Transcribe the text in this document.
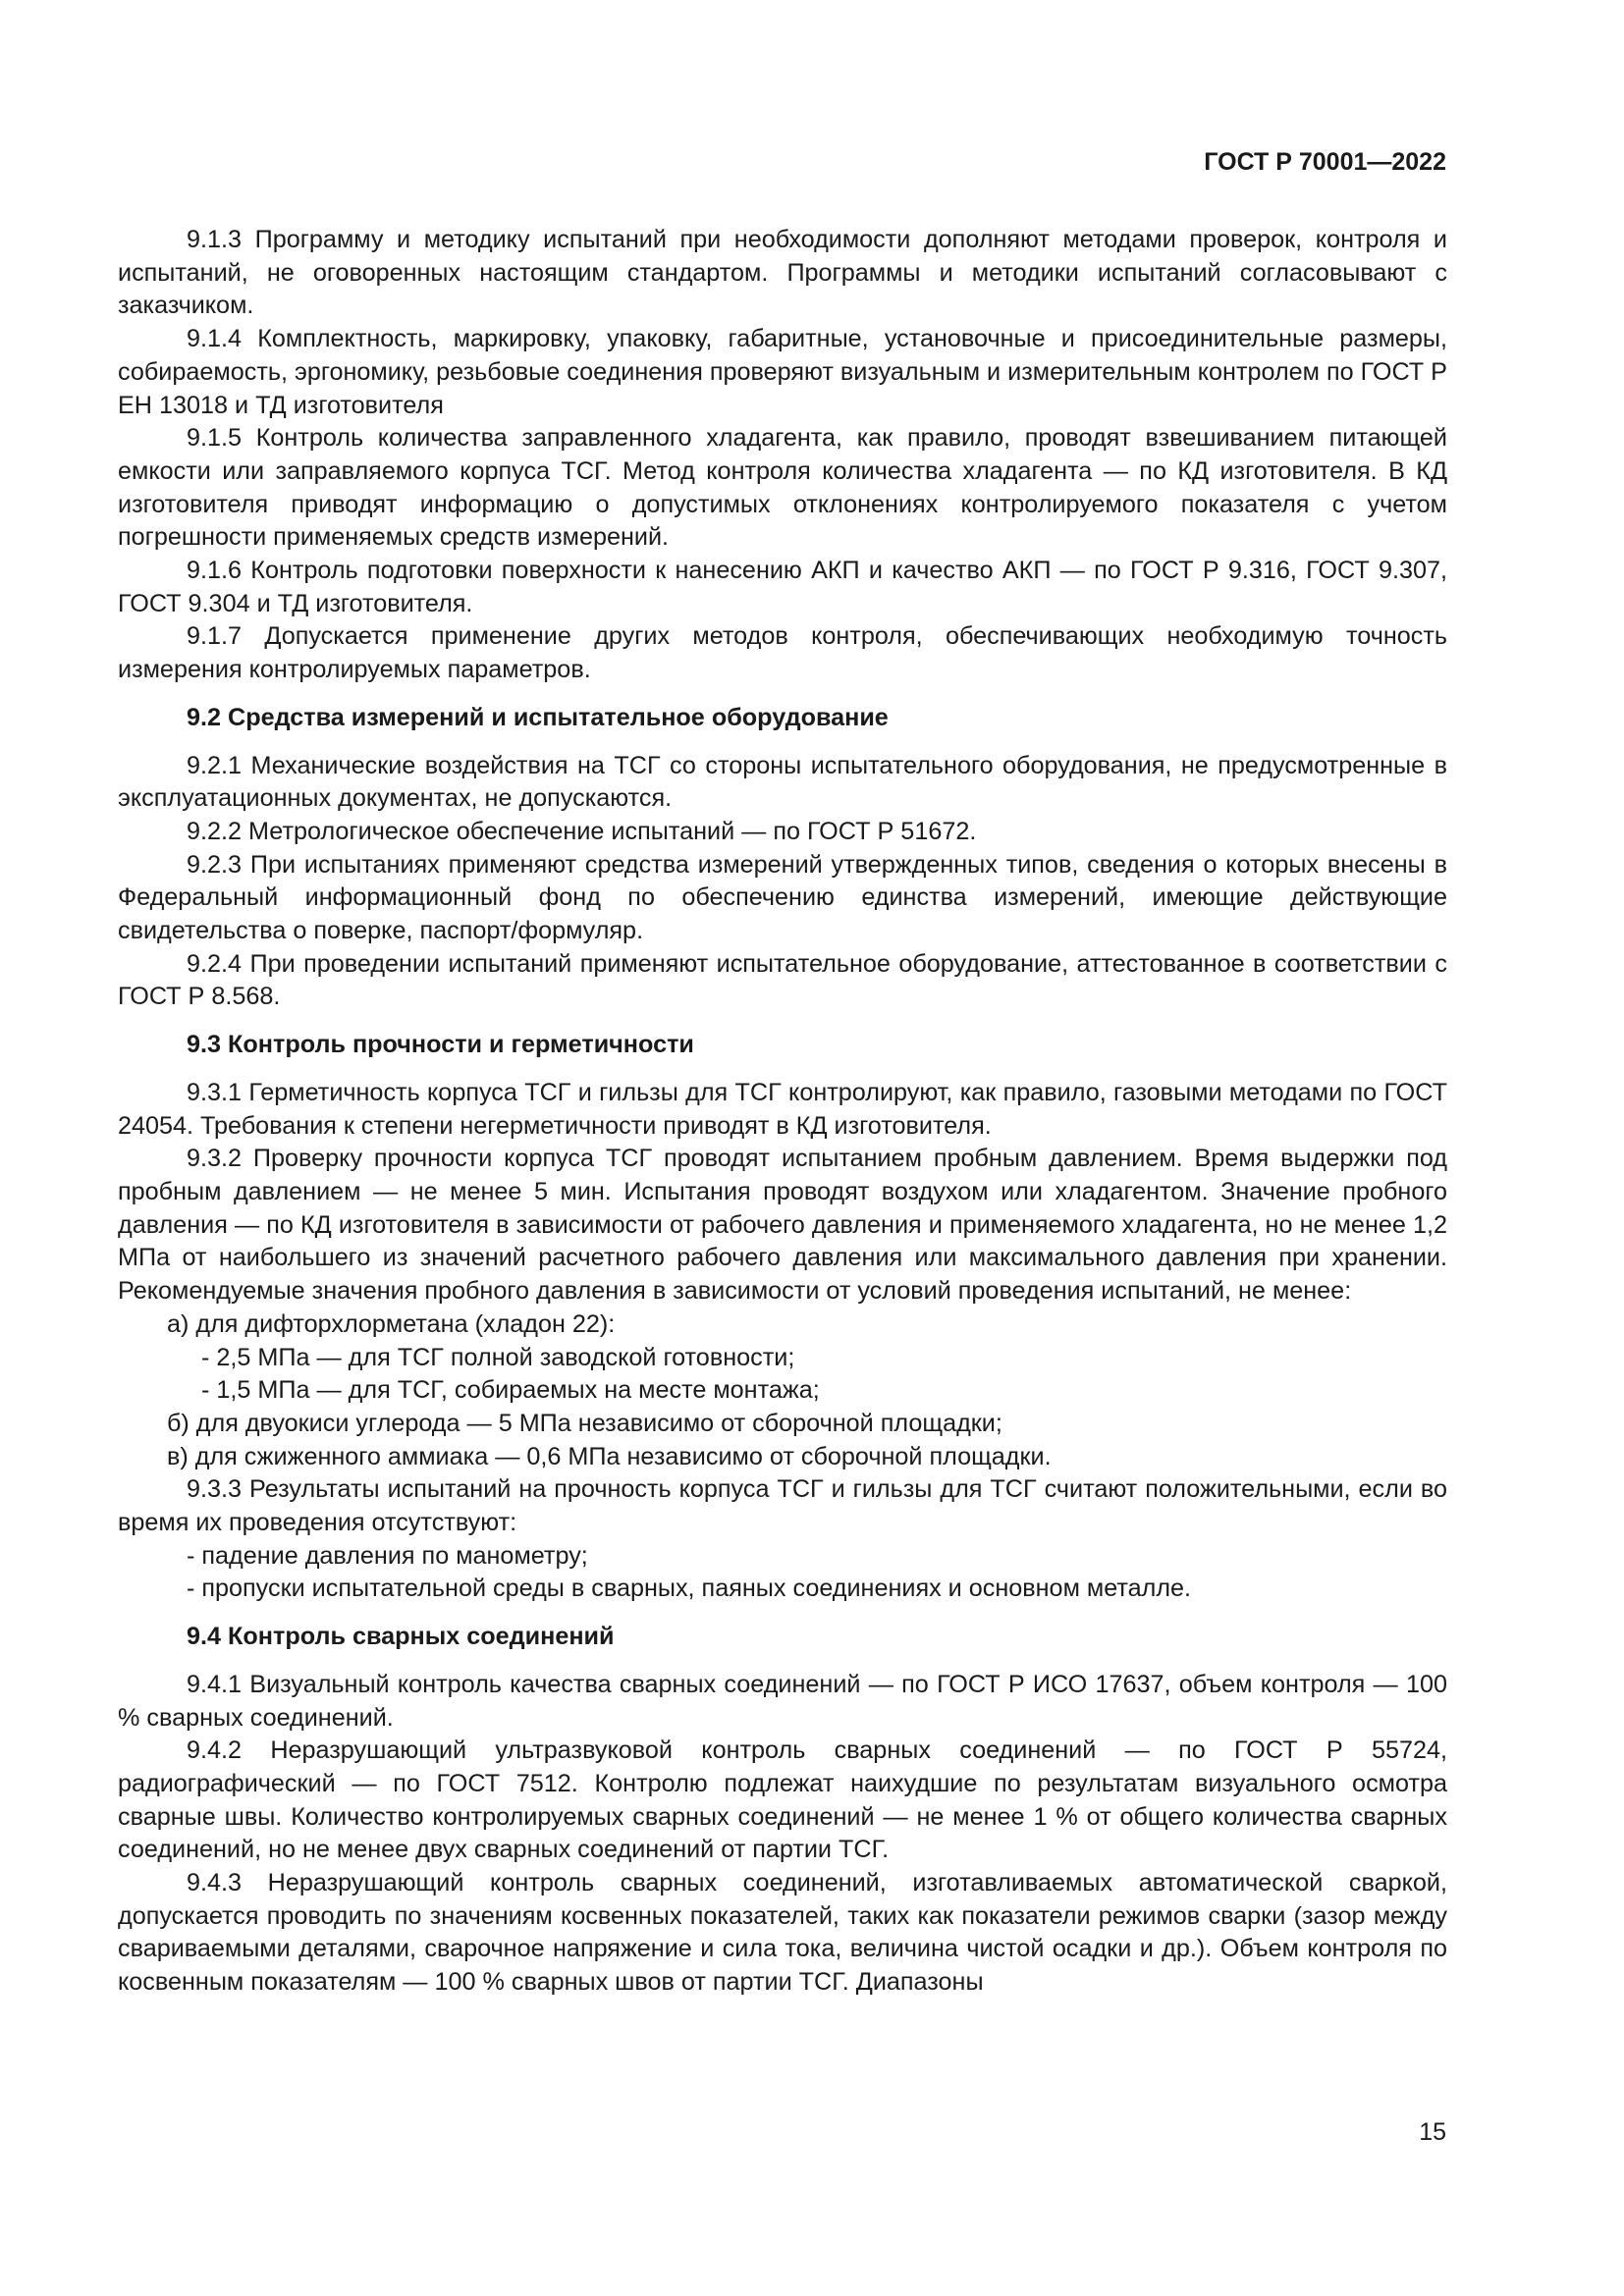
ГОСТ Р 70001—2022

9.1.3 Программу и методику испытаний при необходимости дополняют методами проверок, контроля и испытаний, не оговоренных настоящим стандартом. Программы и методики испытаний согласовывают с заказчиком.

9.1.4 Комплектность, маркировку, упаковку, габаритные, установочные и присоединительные размеры, собираемость, эргономику, резьбовые соединения проверяют визуальным и измерительным контролем по ГОСТ Р ЕН 13018 и ТД изготовителя

9.1.5 Контроль количества заправленного хладагента, как правило, проводят взвешиванием питающей емкости или заправляемого корпуса ТСГ. Метод контроля количества хладагента — по КД изготовителя. В КД изготовителя приводят информацию о допустимых отклонениях контролируемого показателя с учетом погрешности применяемых средств измерений.

9.1.6 Контроль подготовки поверхности к нанесению АКП и качество АКП — по ГОСТ Р 9.316, ГОСТ 9.307, ГОСТ 9.304 и ТД изготовителя.

9.1.7 Допускается применение других методов контроля, обеспечивающих необходимую точность измерения контролируемых параметров.

9.2 Средства измерений и испытательное оборудование

9.2.1 Механические воздействия на ТСГ со стороны испытательного оборудования, не предусмотренные в эксплуатационных документах, не допускаются.

9.2.2 Метрологическое обеспечение испытаний — по ГОСТ Р 51672.

9.2.3 При испытаниях применяют средства измерений утвержденных типов, сведения о которых внесены в Федеральный информационный фонд по обеспечению единства измерений, имеющие действующие свидетельства о поверке, паспорт/формуляр.

9.2.4 При проведении испытаний применяют испытательное оборудование, аттестованное в соответствии с ГОСТ Р 8.568.

9.3 Контроль прочности и герметичности

9.3.1 Герметичность корпуса ТСГ и гильзы для ТСГ контролируют, как правило, газовыми методами по ГОСТ 24054. Требования к степени негерметичности приводят в КД изготовителя.

9.3.2 Проверку прочности корпуса ТСГ проводят испытанием пробным давлением. Время выдержки под пробным давлением — не менее 5 мин. Испытания проводят воздухом или хладагентом. Значение пробного давления — по КД изготовителя в зависимости от рабочего давления и применяемого хладагента, но не менее 1,2 МПа от наибольшего из значений расчетного рабочего давления или максимального давления при хранении. Рекомендуемые значения пробного давления в зависимости от условий проведения испытаний, не менее:

а) для дифторхлорметана (хладон 22):

- 2,5 МПа — для ТСГ полной заводской готовности;

- 1,5 МПа — для ТСГ, собираемых на месте монтажа;

б) для двуокиси углерода — 5 МПа независимо от сборочной площадки;

в) для сжиженного аммиака — 0,6 МПа независимо от сборочной площадки.

9.3.3 Результаты испытаний на прочность корпуса ТСГ и гильзы для ТСГ считают положительными, если во время их проведения отсутствуют:

- падение давления по манометру;

- пропуски испытательной среды в сварных, паяных соединениях и основном металле.

9.4 Контроль сварных соединений

9.4.1 Визуальный контроль качества сварных соединений — по ГОСТ Р ИСО 17637, объем контроля — 100 % сварных соединений.

9.4.2 Неразрушающий ультразвуковой контроль сварных соединений — по ГОСТ Р 55724, радиографический — по ГОСТ 7512. Контролю подлежат наихудшие по результатам визуального осмотра сварные швы. Количество контролируемых сварных соединений — не менее 1 % от общего количества сварных соединений, но не менее двух сварных соединений от партии ТСГ.

9.4.3 Неразрушающий контроль сварных соединений, изготавливаемых автоматической сваркой, допускается проводить по значениям косвенных показателей, таких как показатели режимов сварки (зазор между свариваемыми деталями, сварочное напряжение и сила тока, величина чистой осадки и др.). Объем контроля по косвенным показателям — 100 % сварных швов от партии ТСГ. Диапазоны

15
